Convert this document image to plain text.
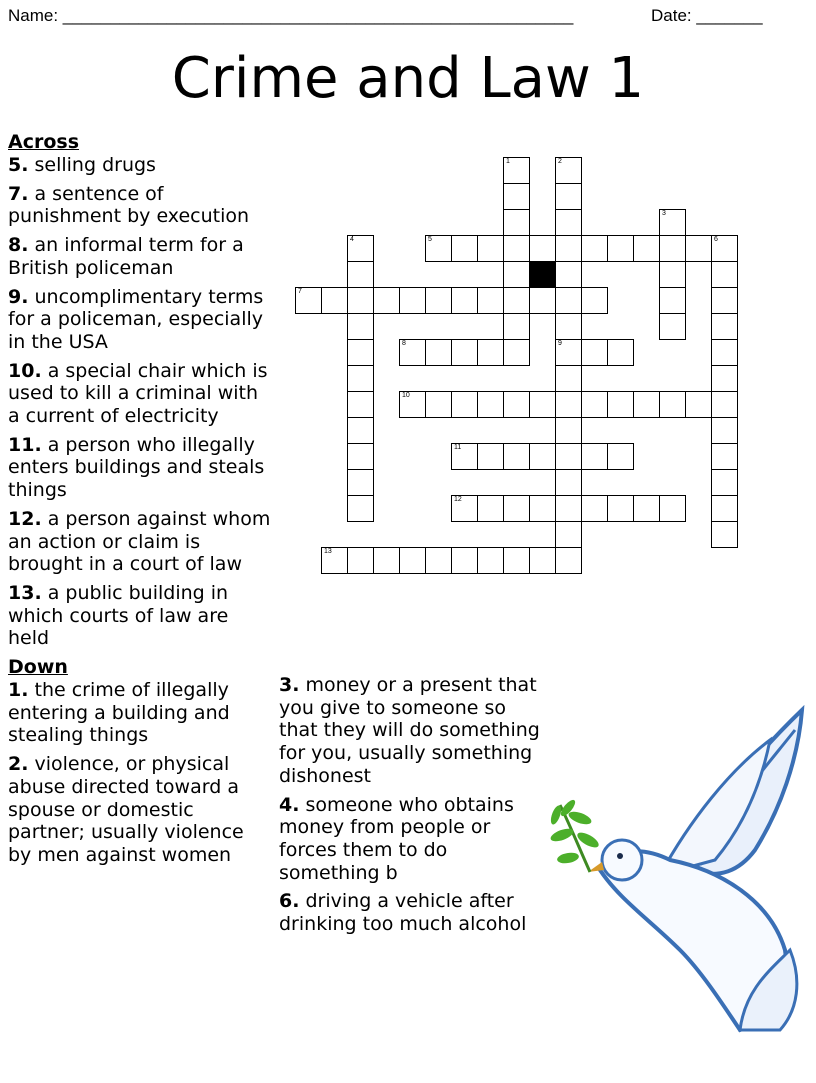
Name: ______________________________________________________	Date: _______
Crime and Law 1
5	6
7
8	9
10
11
12
13
1	2
3
4
Across
5. selling drugs
7. a sentence of punishment by execution
8. an informal term for a British policeman
9. uncomplimentary terms for a policeman, especially in the USA
10. a special chair which is used to kill a criminal with a current of electricity
11. a person who illegally enters buildings and steals things
12. a person against whom an action or claim is brought in a court of law
13. a public building in which courts of law are held
Down
1. the crime of illegally entering a building and stealing things
2. violence, or physical abuse directed toward a spouse or domestic partner; usually violence by men against women
3. money or a present that you give to someone so that they will do something for you, usually something dishonest
4. someone who obtains money from people or forces them to do something b
6. driving a vehicle after drinking too much alcohol
